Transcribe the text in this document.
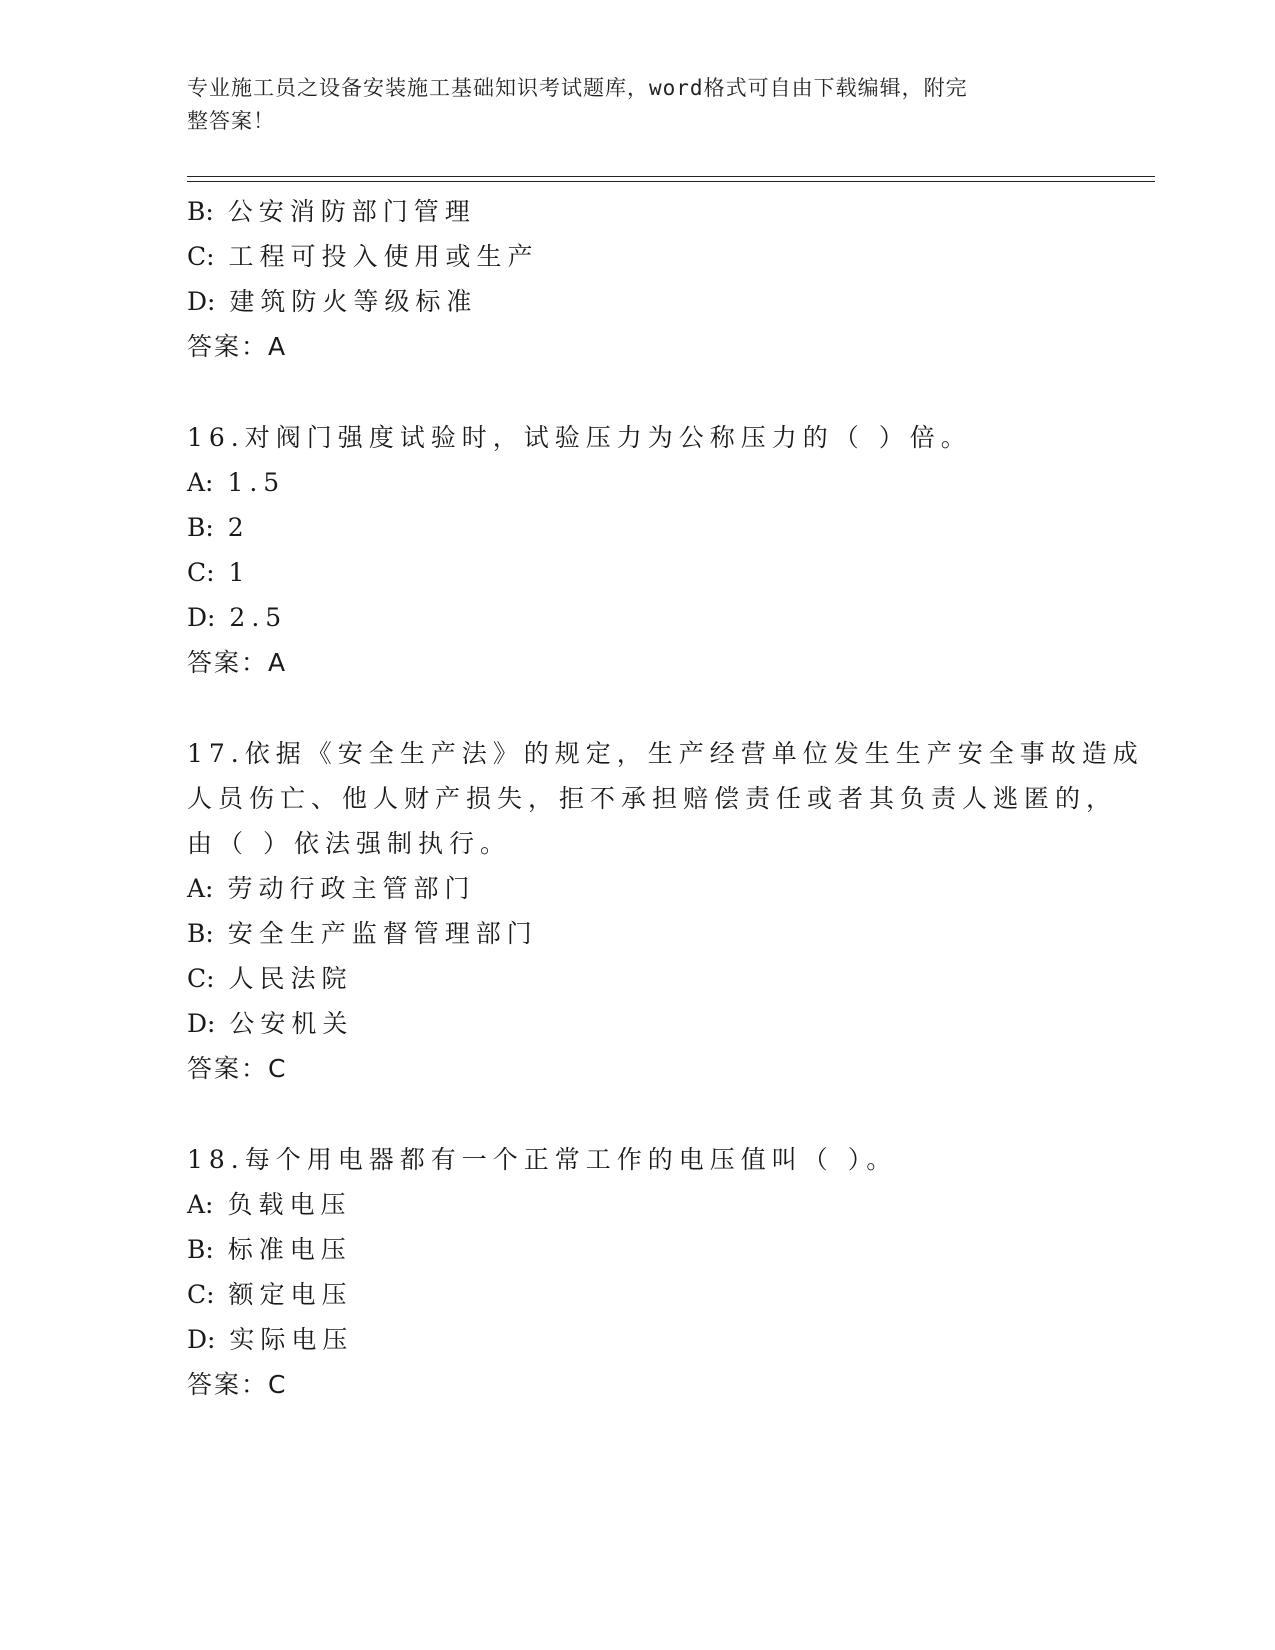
专业施工员之设备安装施工基础知识考试题库，word格式可自由下载编辑，附完
整答案！
B: 公安消防部门管理
C: 工程可投入使用或生产
D: 建筑防火等级标准
答案：A
16.对阀门强度试验时，试验压力为公称压力的（ ）倍。
A: 1.5
B: 2
C: 1
D: 2.5
答案：A
17.依据《安全生产法》的规定，生产经营单位发生生产安全事故造成
人员伤亡、他人财产损失，拒不承担赔偿责任或者其负责人逃匿的，
由（ ）依法强制执行。
A: 劳动行政主管部门
B: 安全生产监督管理部门
C: 人民法院
D: 公安机关
答案：C
18.每个用电器都有一个正常工作的电压值叫（ ）。
A: 负载电压
B: 标准电压
C: 额定电压
D: 实际电压
答案：C
